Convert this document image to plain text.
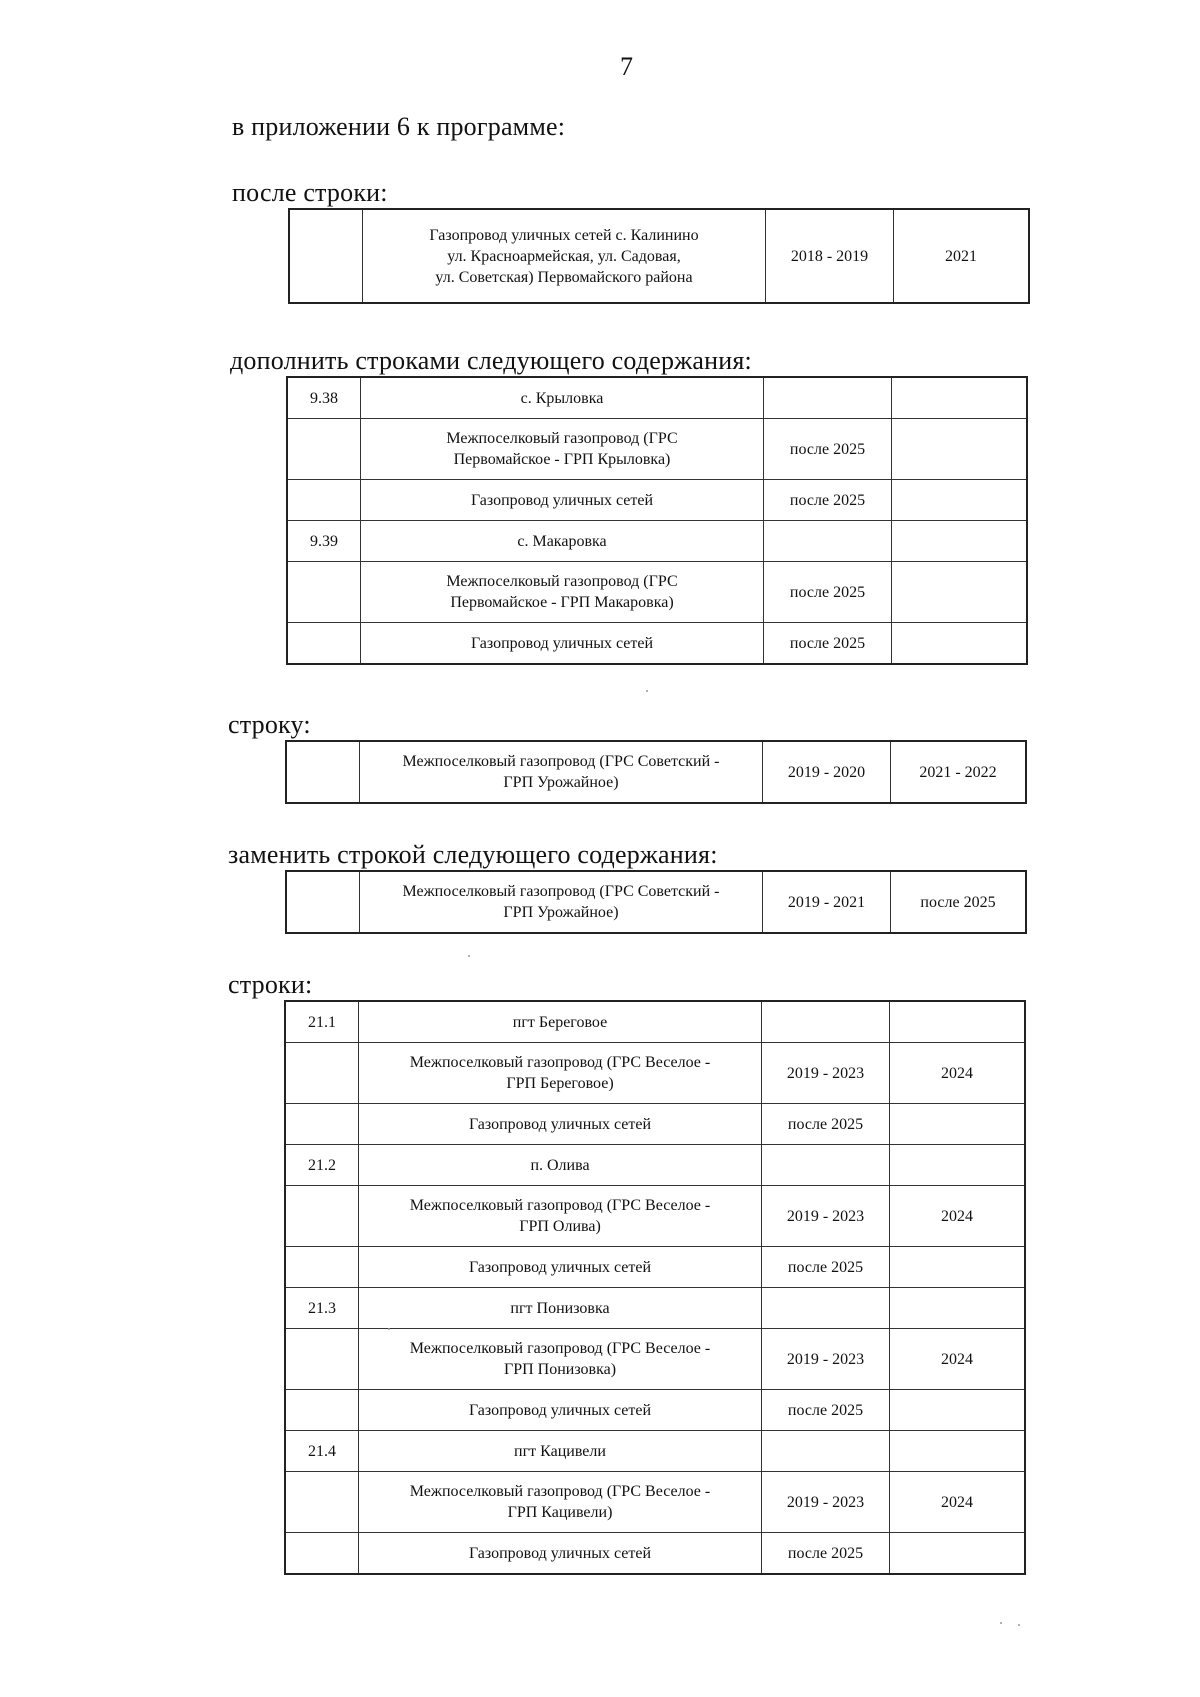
7
в приложении 6 к программе:
после строки:

Газопровод уличных сетей с. Калинино
ул. Красноармейская, ул. Садовая,
ул. Советская) Первомайского района
	2018 - 2019	2021
дополнить строками следующего содержания:
9.38	с. Крыловка		

	Межпоселковый газопровод (ГРС
Первомайское - ГРП Крыловка)	после 2025	

	Газопровод уличных сетей	после 2025	
9.39	с. Макаровка		

	Межпоселковый газопровод (ГРС
Первомайское - ГРП Макаровка)	после 2025	

	Газопровод уличных сетей	после 2025	
строку:

Межпоселковый газопровод (ГРС Советский -
ГРП Урожайное)
	2019 - 2020	2021 - 2022
заменить строкой следующего содержания:

Межпоселковый газопровод (ГРС Советский -
ГРП Урожайное)
	2019 - 2021	после 2025
строки:
21.1	пгт Береговое		

	Межпоселковый газопровод (ГРС Веселое -
ГРП Береговое)	2019 - 2023	2024

	Газопровод уличных сетей	после 2025	
21.2	п. Олива		

	Межпоселковый газопровод (ГРС Веселое -
ГРП Олива)	2019 - 2023	2024

	Газопровод уличных сетей	после 2025	
21.3	пгт Понизовка		

	Межпоселковый газопровод (ГРС Веселое -
ГРП Понизовка)	2019 - 2023	2024

	Газопровод уличных сетей	после 2025	
21.4	пгт Кацивели		

	Межпоселковый газопровод (ГРС Веселое -
ГРП Кацивели)	2019 - 2023	2024

	Газопровод уличных сетей	после 2025	
